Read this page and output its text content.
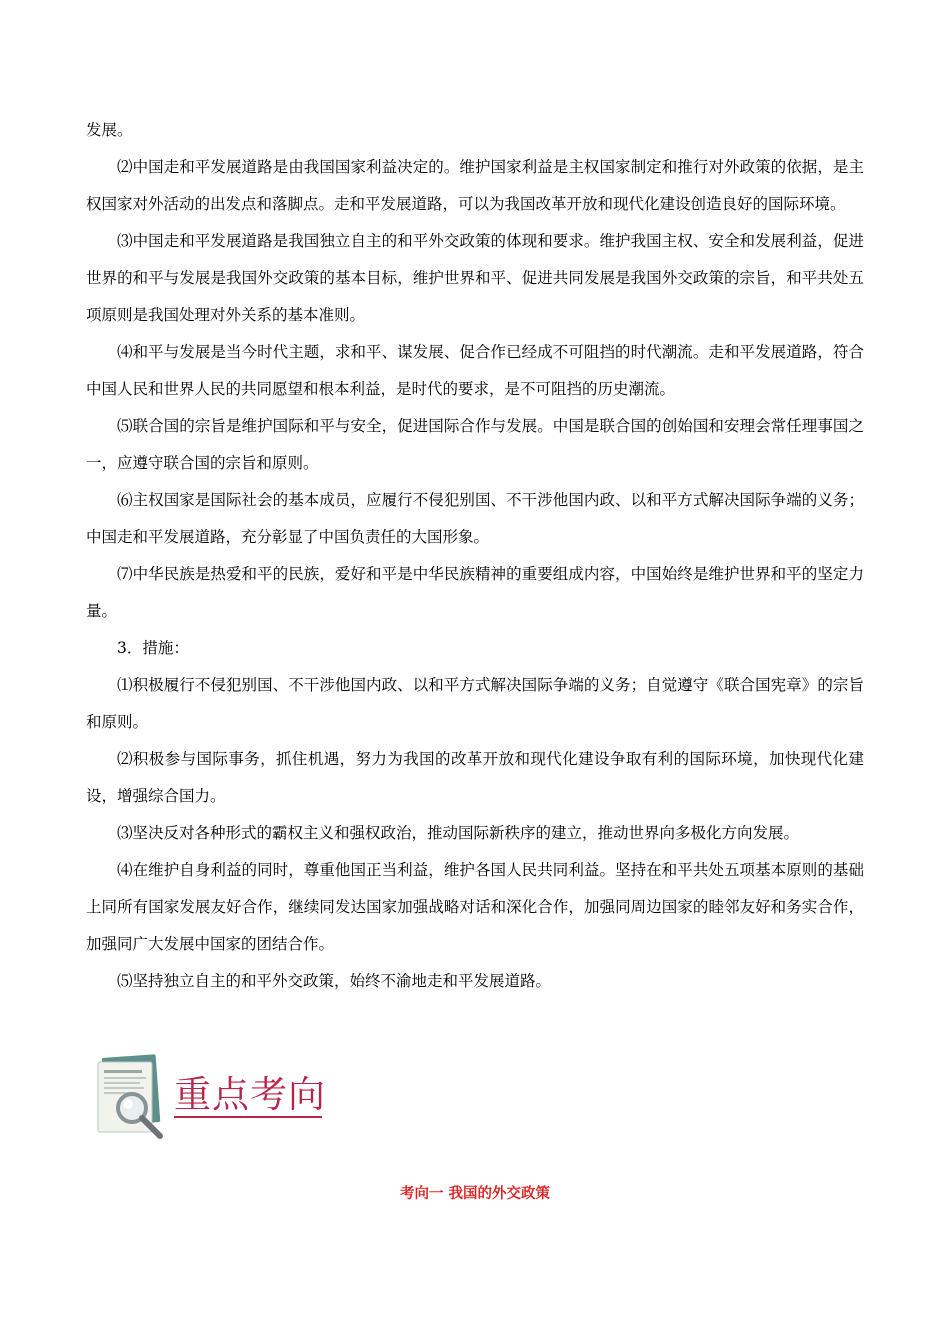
发展。

⑵中国走和平发展道路是由我国国家利益决定的。维护国家利益是主权国家制定和推行对外政策的依据，是主权国家对外活动的出发点和落脚点。走和平发展道路，可以为我国改革开放和现代化建设创造良好的国际环境。

⑶中国走和平发展道路是我国独立自主的和平外交政策的体现和要求。维护我国主权、安全和发展利益，促进世界的和平与发展是我国外交政策的基本目标，维护世界和平、促进共同发展是我国外交政策的宗旨，和平共处五项原则是我国处理对外关系的基本准则。

⑷和平与发展是当今时代主题，求和平、谋发展、促合作已经成不可阻挡的时代潮流。走和平发展道路，符合中国人民和世界人民的共同愿望和根本利益，是时代的要求，是不可阻挡的历史潮流。

⑸联合国的宗旨是维护国际和平与安全，促进国际合作与发展。中国是联合国的创始国和安理会常任理事国之一，应遵守联合国的宗旨和原则。

⑹主权国家是国际社会的基本成员，应履行不侵犯别国、不干涉他国内政、以和平方式解决国际争端的义务；中国走和平发展道路，充分彰显了中国负责任的大国形象。

⑺中华民族是热爱和平的民族，爱好和平是中华民族精神的重要组成内容，中国始终是维护世界和平的坚定力量。

3．措施：

⑴积极履行不侵犯别国、不干涉他国内政、以和平方式解决国际争端的义务；自觉遵守《联合国宪章》的宗旨和原则。

⑵积极参与国际事务，抓住机遇，努力为我国的改革开放和现代化建设争取有利的国际环境，加快现代化建设，增强综合国力。

⑶坚决反对各种形式的霸权主义和强权政治，推动国际新秩序的建立，推动世界向多极化方向发展。

⑷在维护自身利益的同时，尊重他国正当利益，维护各国人民共同利益。坚持在和平共处五项基本原则的基础上同所有国家发展友好合作，继续同发达国家加强战略对话和深化合作，加强同周边国家的睦邻友好和务实合作，加强同广大发展中国家的团结合作。

⑸坚持独立自主的和平外交政策，始终不渝地走和平发展道路。

重点考向
考向一 我国的外交政策
